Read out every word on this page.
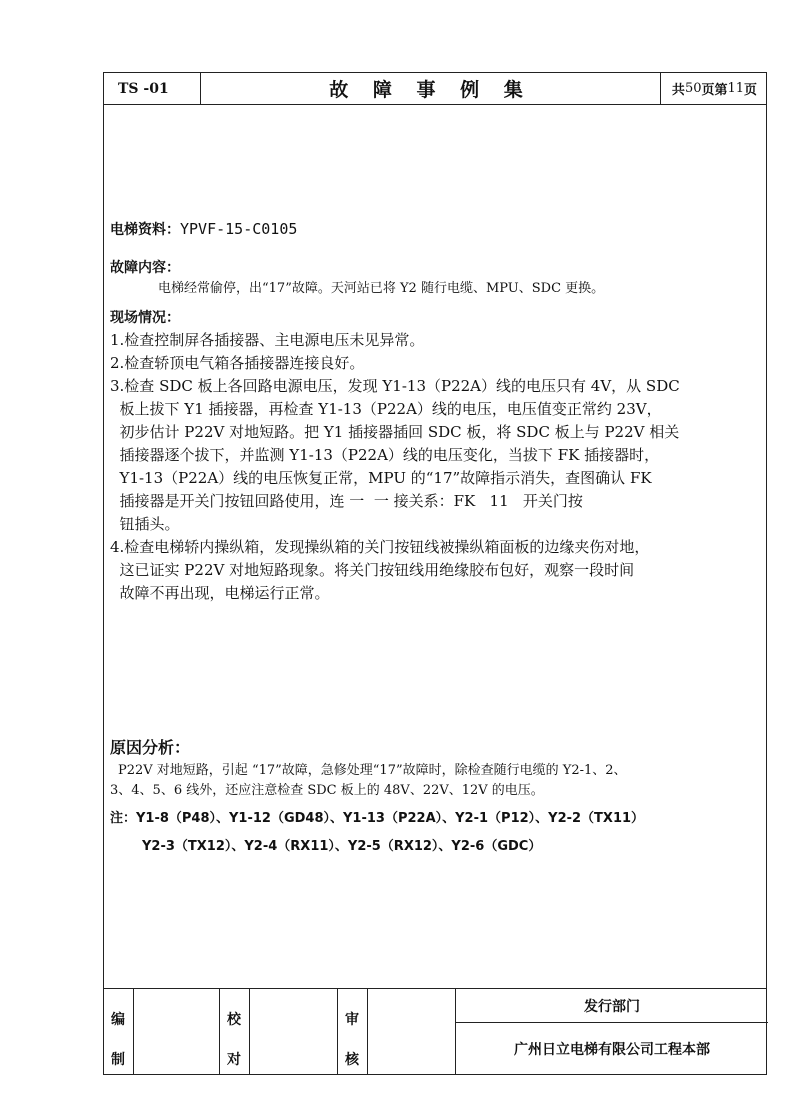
TS -01	故 障 事 例 集	共 50 页第 11 页
电梯资料：YPVF-15-C0105
故障内容：
电梯经常偷停，出“17”故障。天河站已将 Y2 随行电缆、MPU、SDC 更换。
现场情况：
1.检查控制屏各插接器、主电源电压未见异常。
2.检查轿顶电气箱各插接器连接良好。
3.检查 SDC 板上各回路电源电压，发现 Y1-13（P22A）线的电压只有 4V，从 SDC
板上拔下 Y1 插接器，再检查 Y1-13（P22A）线的电压，电压值变正常约 23V，
初步估计 P22V 对地短路。把 Y1 插接器插回 SDC 板，将 SDC 板上与 P22V 相关
插接器逐个拔下，并监测 Y1-13（P22A）线的电压变化，当拔下 FK 插接器时，
Y1-13（P22A）线的电压恢复正常，MPU 的“17”故障指示消失，查图确认 FK
插接器是开关门按钮回路使用，连 一  一 接关系：FK   11   开关门按
钮插头。
4.检查电梯轿内操纵箱，发现操纵箱的关门按钮线被操纵箱面板的边缘夹伤对地，
这已证实 P22V 对地短路现象。将关门按钮线用绝缘胶布包好，观察一段时间
故障不再出现，电梯运行正常。
原因分析：
P22V 对地短路，引起 “17”故障，急修处理“17”故障时，除检查随行电缆的 Y2-1、2、
3、4、5、6 线外，还应注意检查 SDC 板上的 48V、22V、12V 的电压。
注：Y1-8（P48）、Y1-12（GD48）、Y1-13（P22A）、Y2-1（P12）、Y2-2（TX11）
Y2-3（TX12）、Y2-4（RX11）、Y2-5（RX12）、Y2-6（GDC）
编
制
校
对
审
核
发行部门
广州日立电梯有限公司工程本部
